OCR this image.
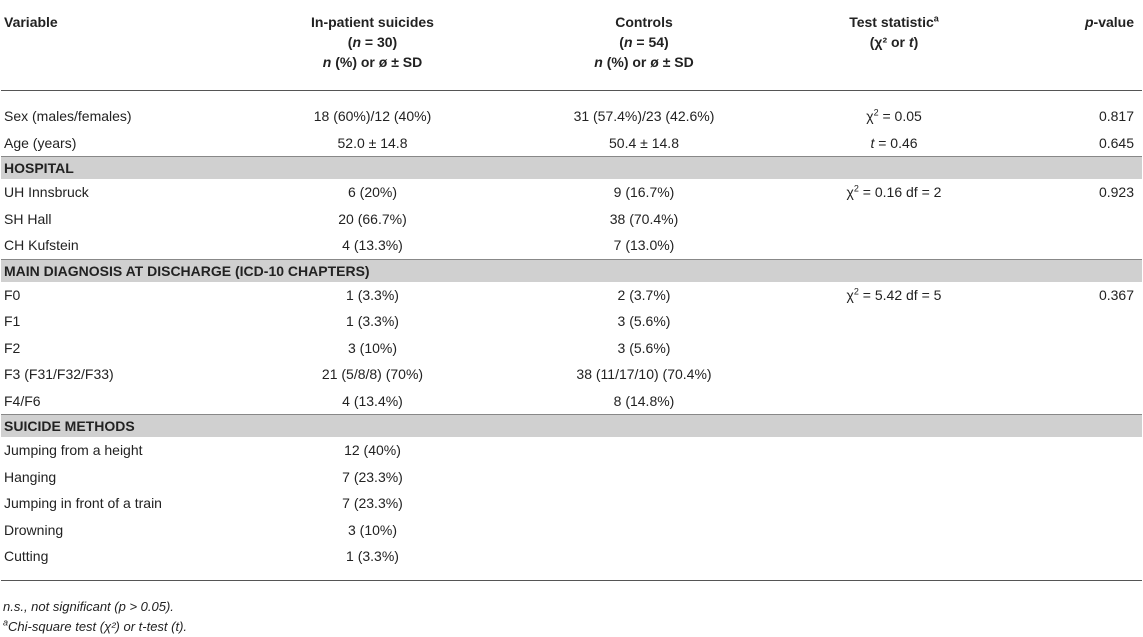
Variable	In-patient suicides	Controls	Test statistic$^a$	p-value
	(n = 30)	(n = 54)	(χ² or t)	
	n (%) or ø ± SD	n (%) or ø ± SD		
Sex (males/females)	18 (60%)/12 (40%)	31 (57.4%)/23 (42.6%)	$\chi^2 = 0.05$	0.817
Age (years)	52.0 ± 14.8	50.4 ± 14.8	t = 0.46	0.645
HOSPITAL				
UH Innsbruck	6 (20%)	9 (16.7%)	$\chi^2 = 0.16$ df = 2	0.923
SH Hall	20 (66.7%)	38 (70.4%)		
CH Kufstein	4 (13.3%)	7 (13.0%)		
MAIN DIAGNOSIS AT DISCHARGE (ICD-10 CHAPTERS)				
F0	1 (3.3%)	2 (3.7%)	$\chi^2 = 5.42$ df = 5	0.367
F1	1 (3.3%)	3 (5.6%)		
F2	3 (10%)	3 (5.6%)		
F3 (F31/F32/F33)	21 (5/8/8) (70%)	38 (11/17/10) (70.4%)		
F4/F6	4 (13.4%)	8 (14.8%)		
SUICIDE METHODS				
Jumping from a height	12 (40%)			
Hanging	7 (23.3%)			
Jumping in front of a train	7 (23.3%)			
Drowning	3 (10%)			
Cutting	1 (3.3%)			
n.s., not significant (p > 0.05).
$^a$Chi-square test (χ²) or t-test (t).
